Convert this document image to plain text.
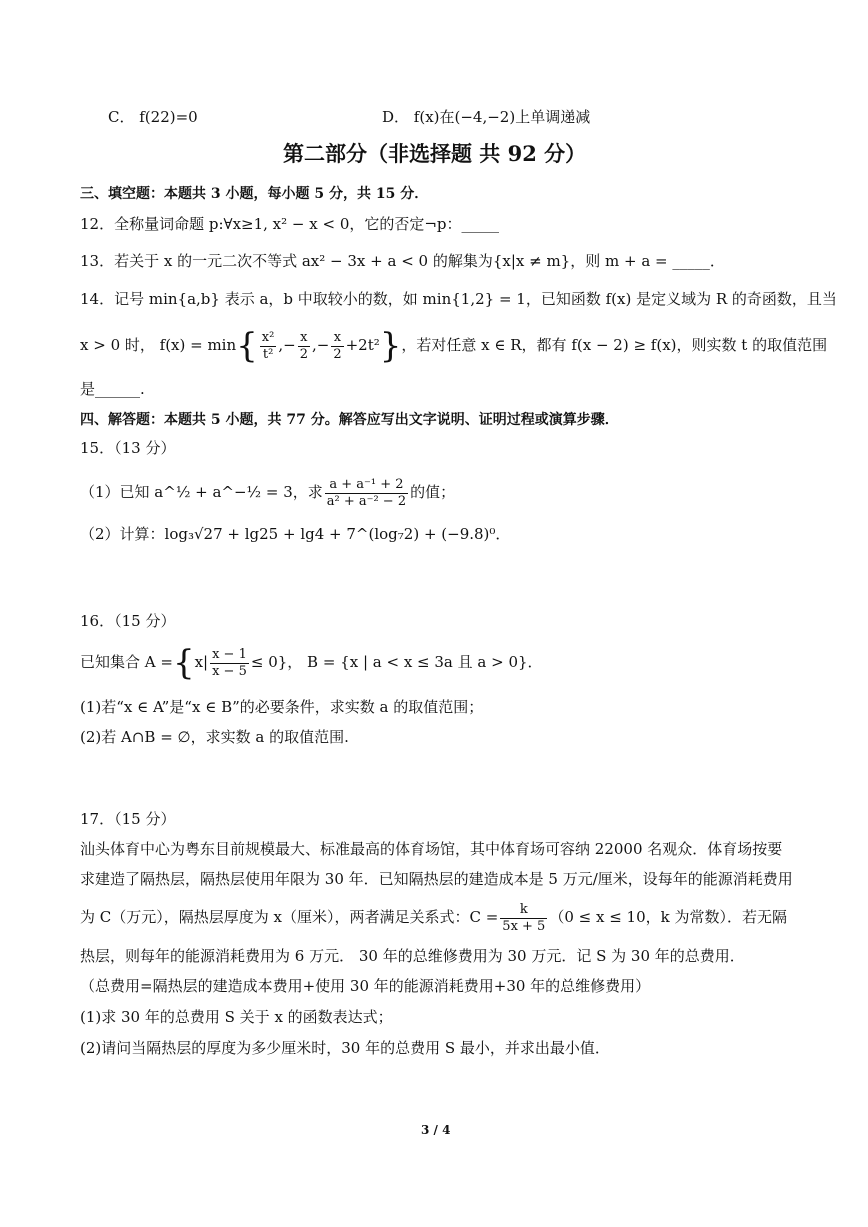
C． f(22)=0	D． f(x)在(−4,−2)上单调递减
第二部分（非选择题 共 92 分）
三、填空题：本题共 3 小题，每小题 5 分，共 15 分．
12．全称量词命题 p:∀x≥1, x² − x < 0，它的否定¬p：_____
13．若关于 x 的一元二次不等式 ax² − 3x + a < 0 的解集为{x|x ≠ m}，则 m + a = _____．
14．记号 min{a,b} 表示 a，b 中取较小的数，如 min{1,2} = 1，已知函数 f(x) 是定义域为 R 的奇函数，且当
x > 0 时， $f(x) = \min\{ \frac{\text{x²}}{\text{t²}}$ ,− $\frac{x}{2}$ ,− $\frac{x}{2} +2t^2$}，若对任意 x ∈ R，都有 f(x − 2) ≥ f(x)，则实数 t 的取值范围
是______.
四、解答题：本题共 5 小题，共 77 分。解答应写出文字说明、证明过程或演算步骤．
15．（13 分）
（1）已知 a^½ + a^−½ = 3，求 $\frac{\text{a + a⁻¹ + 2}}{\text{a² + a⁻² − 2}}$ 的值；
（2）计算：log₃√27 + lg25 + lg4 + 7^(log₇2) + (−9.8)⁰．
16．（15 分）
已知集合 $A =\{x| \frac{x - 1}{x - 5} \le 0\}$， B = {x | a < x ≤ 3a 且 a > 0}．
(1)若“x ∈ A”是“x ∈ B”的必要条件，求实数 a 的取值范围；
(2)若 A∩B = ∅，求实数 a 的取值范围.
17．（15 分）
汕头体育中心为粤东目前规模最大、标准最高的体育场馆，其中体育场可容纳 22000 名观众．体育场按要
求建造了隔热层，隔热层使用年限为 30 年．已知隔热层的建造成本是 5 万元/厘米，设每年的能源消耗费用
为 C（万元），隔热层厚度为 x（厘米），两者满足关系式：$C = \frac{k}{5x + 5} (0 \le x \le 10$，k 为常数）．若无隔
热层，则每年的能源消耗费用为 6 万元． 30 年的总维修费用为 30 万元．记 S 为 30 年的总费用．
（总费用=隔热层的建造成本费用+使用 30 年的能源消耗费用+30 年的总维修费用）
(1)求 30 年的总费用 S 关于 x 的函数表达式；
(2)请问当隔热层的厚度为多少厘米时，30 年的总费用 S 最小，并求出最小值．
3 / 4
